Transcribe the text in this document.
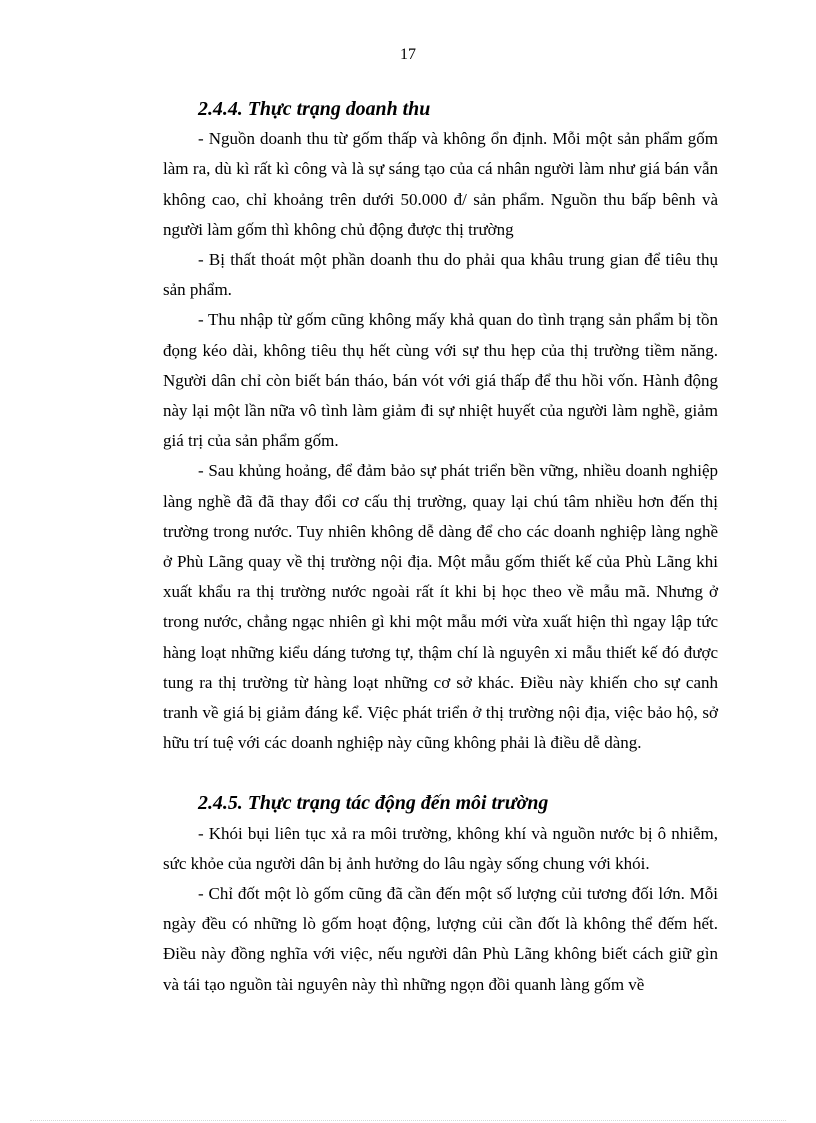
17
2.4.4. Thực trạng doanh thu

- Nguồn doanh thu từ gốm thấp và không ổn định. Mỗi một sản phẩm gốm làm ra, dù kì rất kì công và là sự sáng tạo của cá nhân người làm như giá bán vẫn không cao, chỉ khoảng trên dưới 50.000 đ/ sản phẩm. Nguồn thu bấp bênh và người làm gốm thì không chủ động được thị trường

- Bị thất thoát một phần doanh thu do phải qua khâu trung gian để tiêu thụ sản phẩm.

- Thu nhập từ gốm cũng không mấy khả quan do tình trạng sản phẩm bị tồn đọng kéo dài, không tiêu thụ hết cùng với sự thu hẹp của thị trường tiềm năng. Người dân chỉ còn biết bán tháo, bán vót với giá thấp để thu hồi vốn. Hành động này lại một lần nữa vô tình làm giảm đi sự nhiệt huyết của người làm nghề, giảm giá trị của sản phẩm gốm.

- Sau khủng hoảng, để đảm bảo sự phát triển bền vững, nhiều doanh nghiệp làng nghề đã đã thay đổi cơ cấu thị trường, quay lại chú tâm nhiều hơn đến thị trường trong nước. Tuy nhiên không dễ dàng để cho các doanh nghiệp làng nghề ở Phù Lãng quay về thị trường nội địa. Một mẫu gốm thiết kế của Phù Lãng khi xuất khẩu ra thị trường nước ngoài rất ít khi bị học theo về mẫu mã. Nhưng ở trong nước, chẳng ngạc nhiên gì khi một mẫu mới vừa xuất hiện thì ngay lập tức hàng loạt những kiểu dáng tương tự, thậm chí là nguyên xi mẫu thiết kế đó được tung ra thị trường từ hàng loạt những cơ sở khác. Điều này khiến cho sự canh tranh về giá bị giảm đáng kể. Việc phát triển ở thị trường nội địa, việc bảo hộ, sở hữu trí tuệ với các doanh nghiệp này cũng không phải là điều dễ dàng.

2.4.5. Thực trạng tác động đến môi trường

- Khói bụi liên tục xả ra môi trường, không khí và nguồn nước bị ô nhiễm, sức khỏe của người dân bị ảnh hưởng do lâu ngày sống chung với khói.

- Chỉ đốt một lò gốm cũng đã cần đến một số lượng củi tương đối lớn. Mỗi ngày đều có những lò gốm hoạt động, lượng củi cần đốt là không thể đếm hết. Điều này đồng nghĩa với việc, nếu người dân Phù Lãng không biết cách giữ gìn và tái tạo nguồn tài nguyên này thì những ngọn đồi quanh làng gốm về
